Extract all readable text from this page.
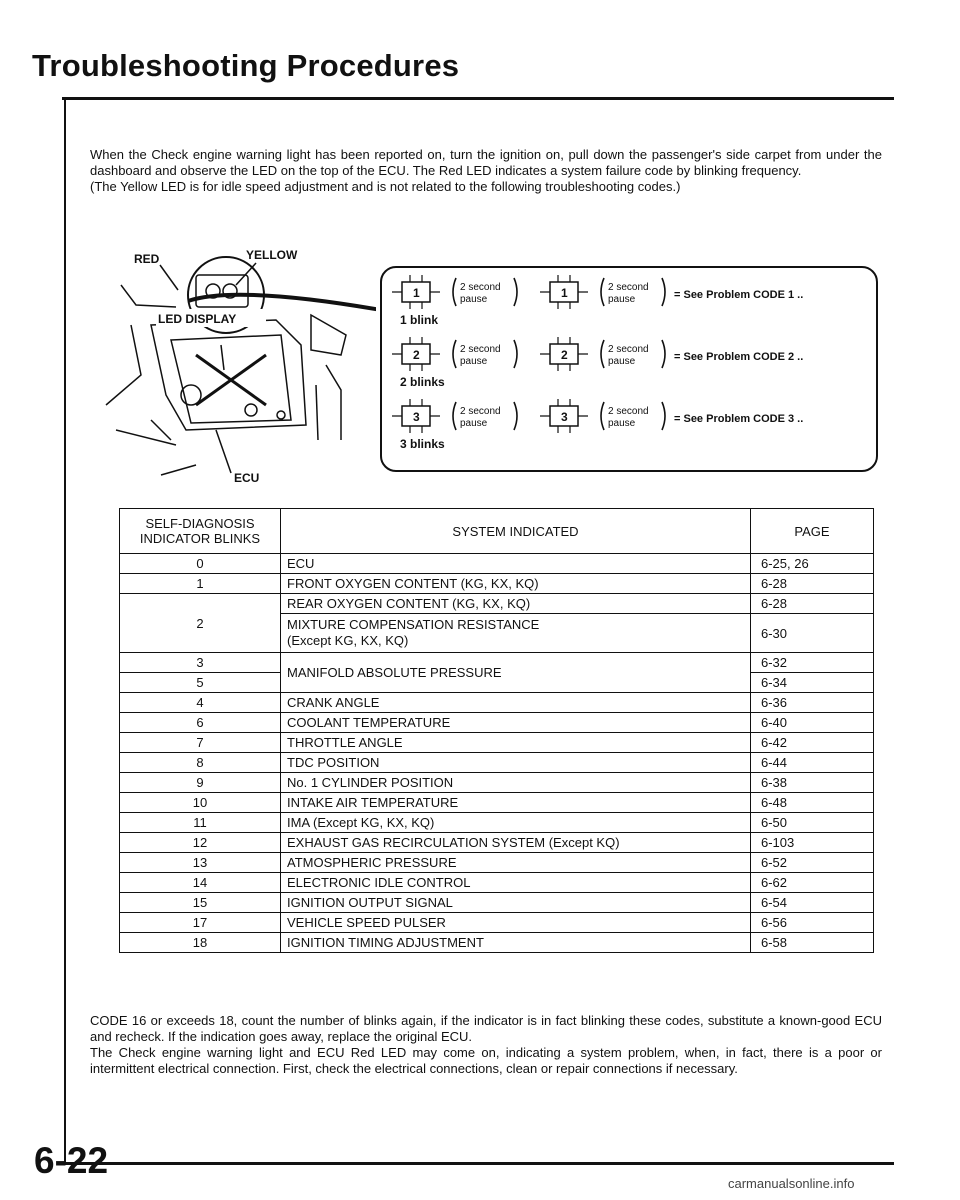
Troubleshooting Procedures

When the Check engine warning light has been reported on, turn the ignition on, pull down the passenger's side carpet from under the dashboard and observe the LED on the top of the ECU. The Red LED indicates a system failure code by blinking frequency.

(The Yellow LED is for idle speed adjustment and is not related to the following troubleshooting codes.)

RED	YELLOW
LED DISPLAY
ECU
1	2 second
pause	1	2 second
pause	= See Problem CODE 1 ..
1 blink
2	2 second
pause	2	2 second
pause	= See Problem CODE 2 ..
2 blinks
3	2 second
pause	3	2 second
pause	= See Problem CODE 3 ..
3 blinks
SELF-DIAGNOSIS
INDICATOR BLINKS	SYSTEM INDICATED	PAGE
0	ECU	6-25, 26
1	FRONT OXYGEN CONTENT (KG, KX, KQ)	6-28
2	REAR OXYGEN CONTENT (KG, KX, KQ)	6-28
	MIXTURE COMPENSATION RESISTANCE
(Except KG, KX, KQ)	6-30
3	MANIFOLD ABSOLUTE PRESSURE	6-32
5		6-34
4	CRANK ANGLE	6-36
6	COOLANT TEMPERATURE	6-40
7	THROTTLE ANGLE	6-42
8	TDC POSITION	6-44
9	No. 1 CYLINDER POSITION	6-38
10	INTAKE AIR TEMPERATURE	6-48
11	IMA (Except KG, KX, KQ)	6-50
12	EXHAUST GAS RECIRCULATION SYSTEM (Except KQ)	6-103
13	ATMOSPHERIC PRESSURE	6-52
14	ELECTRONIC IDLE CONTROL	6-62
15	IGNITION OUTPUT SIGNAL	6-54
17	VEHICLE SPEED PULSER	6-56
18	IGNITION TIMING ADJUSTMENT	6-58

CODE 16 or exceeds 18, count the number of blinks again, if the indicator is in fact blinking these codes, substitute a known-good ECU and recheck. If the indication goes away, replace the original ECU.

The Check engine warning light and ECU Red LED may come on, indicating a system problem, when, in fact, there is a poor or intermittent electrical connection. First, check the electrical connections, clean or repair connections if necessary.

6-22
carmanualsonline.info
